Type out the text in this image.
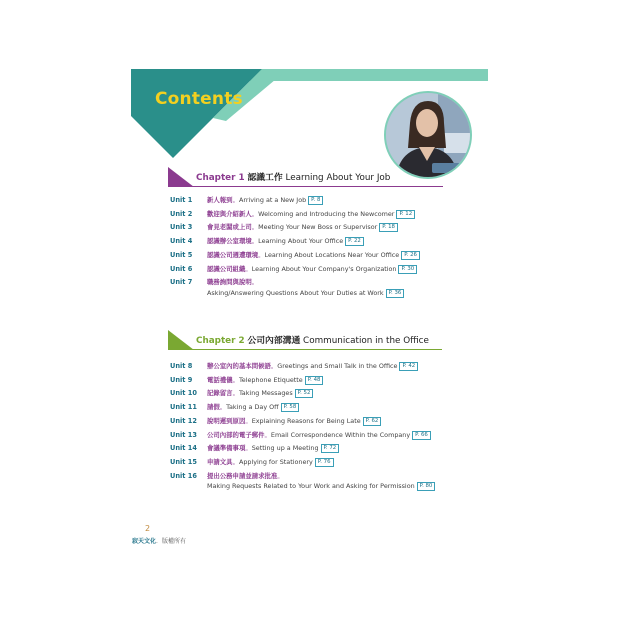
Contents
Chapter 1 認識工作 Learning About Your Job
Unit 1 新人報到。Arriving at a New Job P. 8
Unit 2 歡迎與介紹新人。Welcoming and Introducing the Newcomer P. 12
Unit 3 會見老闆或上司。Meeting Your New Boss or Supervisor P. 18
Unit 4 認識辦公室環境。Learning About Your Office P. 22
Unit 5 認識公司週遭環境。Learning About Locations Near Your Office P. 26
Unit 6 認識公司組織。Learning About Your Company's Organization P. 30
Unit 7 職務詢問與說明。
Asking/Answering Questions About Your Duties at Work P. 36
Chapter 2 公司內部溝通 Communication in the Office
Unit 8 辦公室內的基本問候語。Greetings and Small Talk in the Office P. 42
Unit 9 電話禮儀。Telephone Etiquette P. 48
Unit 10 記錄留言。Taking Messages P. 52
Unit 11 請假。Taking a Day Off P. 58
Unit 12 說明遲到原因。Explaining Reasons for Being Late P. 62
Unit 13 公司內部的電子郵件。Email Correspondence Within the Company P. 66
Unit 14 會議準備事項。Setting up a Meeting P. 72
Unit 15 申請文具。Applying for Stationery P. 76
Unit 16 提出公務申請並請求批准。
Making Requests Related to Your Work and Asking for Permission P. 80
2
寂天文化．版權所有
